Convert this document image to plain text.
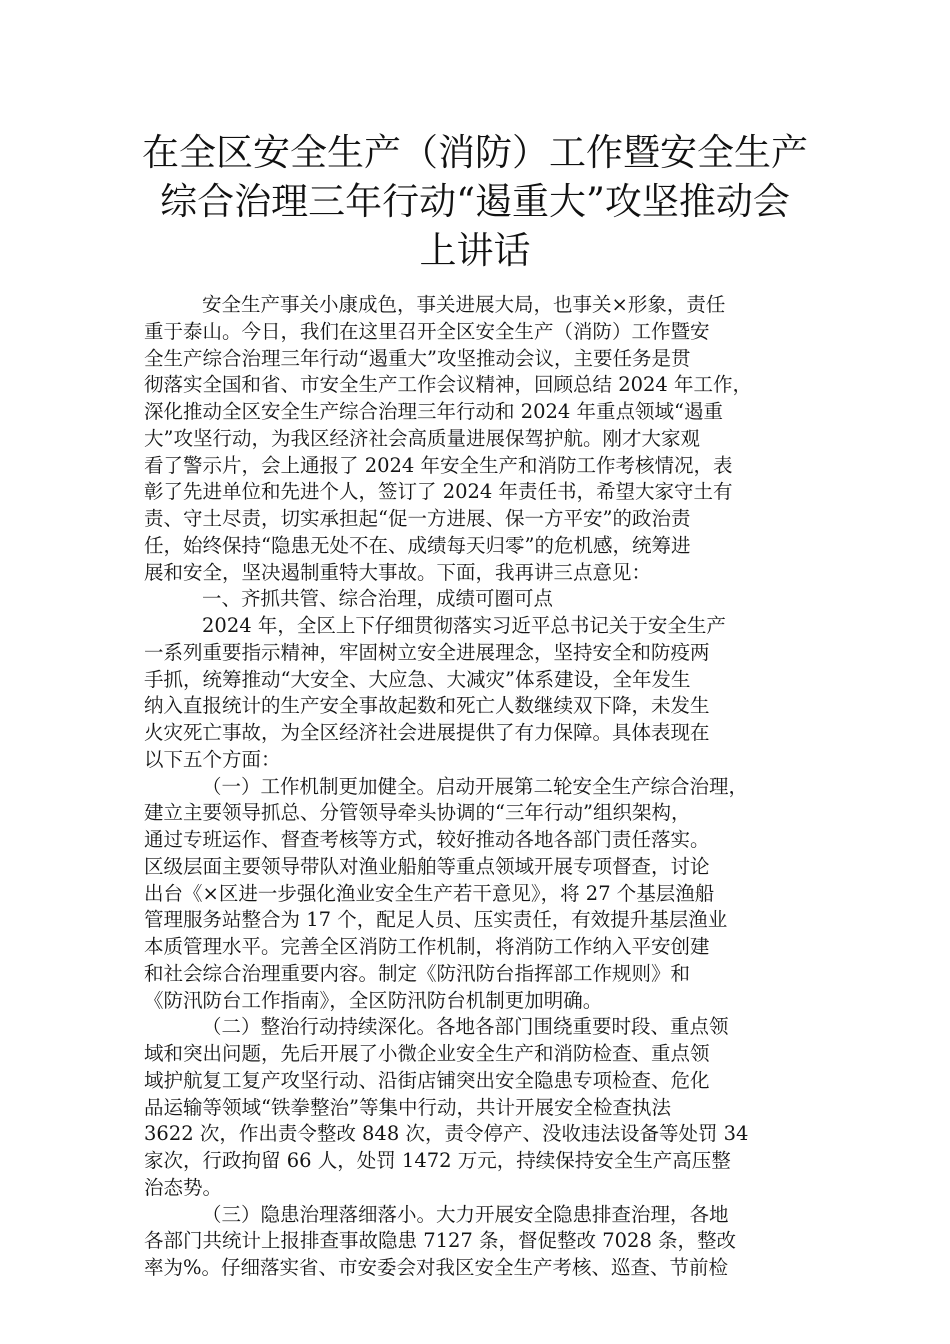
在全区安全生产（消防）工作暨安全生产
综合治理三年行动“遏重大”攻坚推动会
上讲话
安全生产事关小康成色，事关进展大局，也事关×形象，责任
重于泰山。今日，我们在这里召开全区安全生产（消防）工作暨安
全生产综合治理三年行动“遏重大”攻坚推动会议，主要任务是贯
彻落实全国和省、市安全生产工作会议精神，回顾总结 2024 年工作，
深化推动全区安全生产综合治理三年行动和 2024 年重点领域“遏重
大”攻坚行动，为我区经济社会高质量进展保驾护航。刚才大家观
看了警示片，会上通报了 2024 年安全生产和消防工作考核情况，表
彰了先进单位和先进个人，签订了 2024 年责任书，希望大家守土有
责、守土尽责，切实承担起“促一方进展、保一方平安”的政治责
任，始终保持“隐患无处不在、成绩每天归零”的危机感，统筹进
展和安全，坚决遏制重特大事故。下面，我再讲三点意见：
一、齐抓共管、综合治理，成绩可圈可点
2024 年，全区上下仔细贯彻落实习近平总书记关于安全生产
一系列重要指示精神，牢固树立安全进展理念，坚持安全和防疫两
手抓，统筹推动“大安全、大应急、大减灾”体系建设，全年发生
纳入直报统计的生产安全事故起数和死亡人数继续双下降，未发生
火灾死亡事故，为全区经济社会进展提供了有力保障。具体表现在
以下五个方面：
（一）工作机制更加健全。启动开展第二轮安全生产综合治理，
建立主要领导抓总、分管领导牵头协调的“三年行动”组织架构，
通过专班运作、督查考核等方式，较好推动各地各部门责任落实。
区级层面主要领导带队对渔业船舶等重点领域开展专项督查，讨论
出台《×区进一步强化渔业安全生产若干意见》，将 27 个基层渔船
管理服务站整合为 17 个，配足人员、压实责任，有效提升基层渔业
本质管理水平。完善全区消防工作机制，将消防工作纳入平安创建
和社会综合治理重要内容。制定《防汛防台指挥部工作规则》和
《防汛防台工作指南》，全区防汛防台机制更加明确。
（二）整治行动持续深化。各地各部门围绕重要时段、重点领
域和突出问题，先后开展了小微企业安全生产和消防检查、重点领
域护航复工复产攻坚行动、沿街店铺突出安全隐患专项检查、危化
品运输等领域“铁拳整治”等集中行动，共计开展安全检查执法
3622 次，作出责令整改 848 次，责令停产、没收违法设备等处罚 34
家次，行政拘留 66 人，处罚 1472 万元，持续保持安全生产高压整
治态势。
（三）隐患治理落细落小。大力开展安全隐患排查治理，各地
各部门共统计上报排查事故隐患 7127 条，督促整改 7028 条，整改
率为%。仔细落实省、市安委会对我区安全生产考核、巡查、节前检
